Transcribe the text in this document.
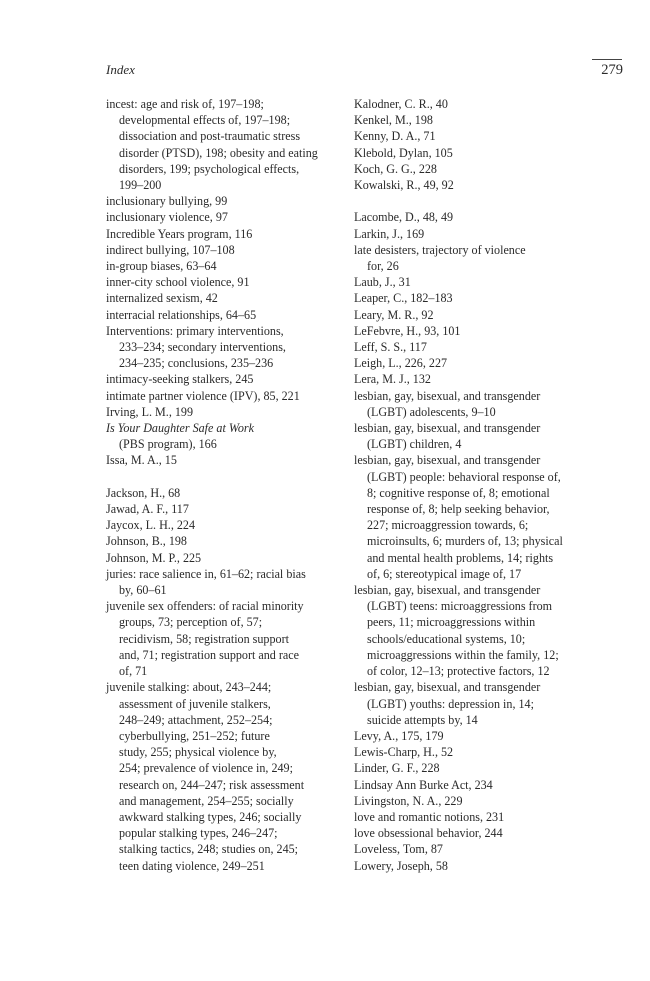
Index	279
incest: age and risk of, 197–198;
developmental effects of, 197–198;
dissociation and post-traumatic stress
disorder (PTSD), 198; obesity and eating
disorders, 199; psychological effects,
199–200
inclusionary bullying, 99
inclusionary violence, 97
Incredible Years program, 116
indirect bullying, 107–108
in-group biases, 63–64
inner-city school violence, 91
internalized sexism, 42
interracial relationships, 64–65
Interventions: primary interventions,
233–234; secondary interventions,
234–235; conclusions, 235–236
intimacy-seeking stalkers, 245
intimate partner violence (IPV), 85, 221
Irving, L. M., 199
Is Your Daughter Safe at Work
(PBS program), 166
Issa, M. A., 15
Jackson, H., 68
Jawad, A. F., 117
Jaycox, L. H., 224
Johnson, B., 198
Johnson, M. P., 225
juries: race salience in, 61–62; racial bias
by, 60–61
juvenile sex offenders: of racial minority
groups, 73; perception of, 57;
recidivism, 58; registration support
and, 71; registration support and race
of, 71
juvenile stalking: about, 243–244;
assessment of juvenile stalkers,
248–249; attachment, 252–254;
cyberbullying, 251–252; future
study, 255; physical violence by,
254; prevalence of violence in, 249;
research on, 244–247; risk assessment
and management, 254–255; socially
awkward stalking types, 246; socially
popular stalking types, 246–247;
stalking tactics, 248; studies on, 245;
teen dating violence, 249–251
Kalodner, C. R., 40
Kenkel, M., 198
Kenny, D. A., 71
Klebold, Dylan, 105
Koch, G. G., 228
Kowalski, R., 49, 92
Lacombe, D., 48, 49
Larkin, J., 169
late desisters, trajectory of violence
for, 26
Laub, J., 31
Leaper, C., 182–183
Leary, M. R., 92
LeFebvre, H., 93, 101
Leff, S. S., 117
Leigh, L., 226, 227
Lera, M. J., 132
lesbian, gay, bisexual, and transgender
(LGBT) adolescents, 9–10
lesbian, gay, bisexual, and transgender
(LGBT) children, 4
lesbian, gay, bisexual, and transgender
(LGBT) people: behavioral response of,
8; cognitive response of, 8; emotional
response of, 8; help seeking behavior,
227; microaggression towards, 6;
microinsults, 6; murders of, 13; physical
and mental health problems, 14; rights
of, 6; stereotypical image of, 17
lesbian, gay, bisexual, and transgender
(LGBT) teens: microaggressions from
peers, 11; microaggressions within
schools/educational systems, 10;
microaggressions within the family, 12;
of color, 12–13; protective factors, 12
lesbian, gay, bisexual, and transgender
(LGBT) youths: depression in, 14;
suicide attempts by, 14
Levy, A., 175, 179
Lewis-Charp, H., 52
Linder, G. F., 228
Lindsay Ann Burke Act, 234
Livingston, N. A., 229
love and romantic notions, 231
love obsessional behavior, 244
Loveless, Tom, 87
Lowery, Joseph, 58
